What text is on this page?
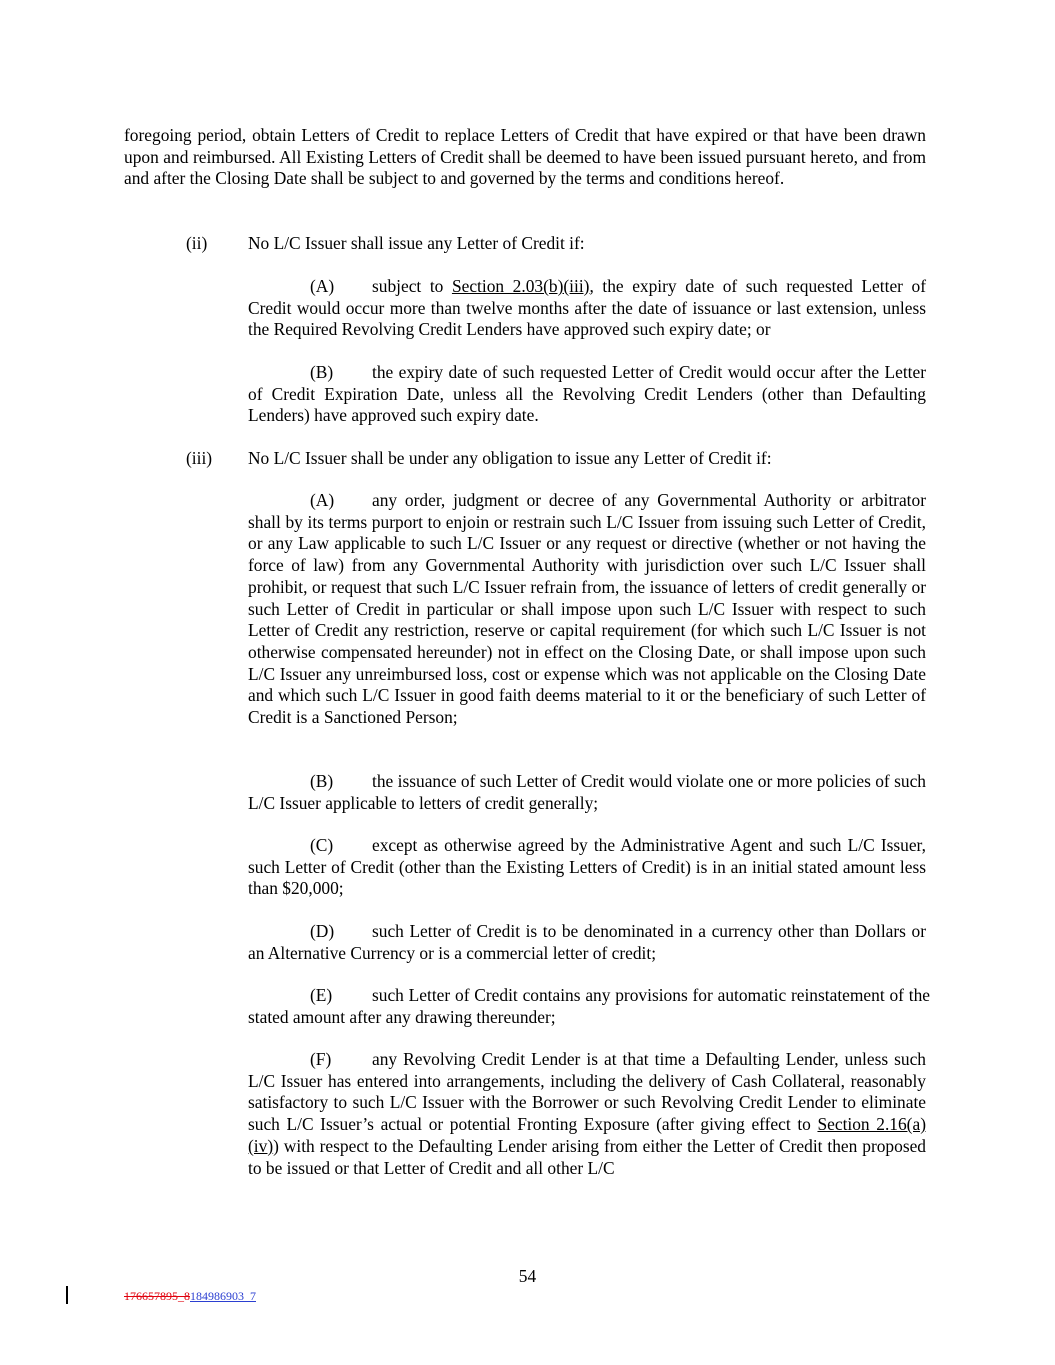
foregoing period, obtain Letters of Credit to replace Letters of Credit that have expired or that have been drawn upon and reimbursed. All Existing Letters of Credit shall be deemed to have been issued pursuant hereto, and from and after the Closing Date shall be subject to and governed by the terms and conditions hereof.

(ii) No L/C Issuer shall issue any Letter of Credit if:

(A) subject to Section 2.03(b)(iii), the expiry date of such requested Letter of Credit would occur more than twelve months after the date of issuance or last extension, unless the Required Revolving Credit Lenders have approved such expiry date; or

(B) the expiry date of such requested Letter of Credit would occur after the Letter of Credit Expiration Date, unless all the Revolving Credit Lenders (other than Defaulting Lenders) have approved such expiry date.

(iii) No L/C Issuer shall be under any obligation to issue any Letter of Credit if:

(A) any order, judgment or decree of any Governmental Authority or arbitrator shall by its terms purport to enjoin or restrain such L/C Issuer from issuing such Letter of Credit, or any Law applicable to such L/C Issuer or any request or directive (whether or not having the force of law) from any Governmental Authority with jurisdiction over such L/C Issuer shall prohibit, or request that such L/C Issuer refrain from, the issuance of letters of credit generally or such Letter of Credit in particular or shall impose upon such L/C Issuer with respect to such Letter of Credit any restriction, reserve or capital requirement (for which such L/C Issuer is not otherwise compensated hereunder) not in effect on the Closing Date, or shall impose upon such L/C Issuer any unreimbursed loss, cost or expense which was not applicable on the Closing Date and which such L/C Issuer in good faith deems material to it or the beneficiary of such Letter of Credit is a Sanctioned Person;

(B) the issuance of such Letter of Credit would violate one or more policies of such L/C Issuer applicable to letters of credit generally;

(C) except as otherwise agreed by the Administrative Agent and such L/C Issuer, such Letter of Credit (other than the Existing Letters of Credit) is in an initial stated amount less than $20,000;

(D) such Letter of Credit is to be denominated in a currency other than Dollars or an Alternative Currency or is a commercial letter of credit;

(E) such Letter of Credit contains any provisions for automatic reinstatement of the stated amount after any drawing thereunder;

(F) any Revolving Credit Lender is at that time a Defaulting Lender, unless such L/C Issuer has entered into arrangements, including the delivery of Cash Collateral, reasonably satisfactory to such L/C Issuer with the Borrower or such Revolving Credit Lender to eliminate such L/C Issuer’s actual or potential Fronting Exposure (after giving effect to Section 2.16(a)(iv)) with respect to the Defaulting Lender arising from either the Letter of Credit then proposed to be issued or that Letter of Credit and all other L/C

54

176657895_8184986903_7
